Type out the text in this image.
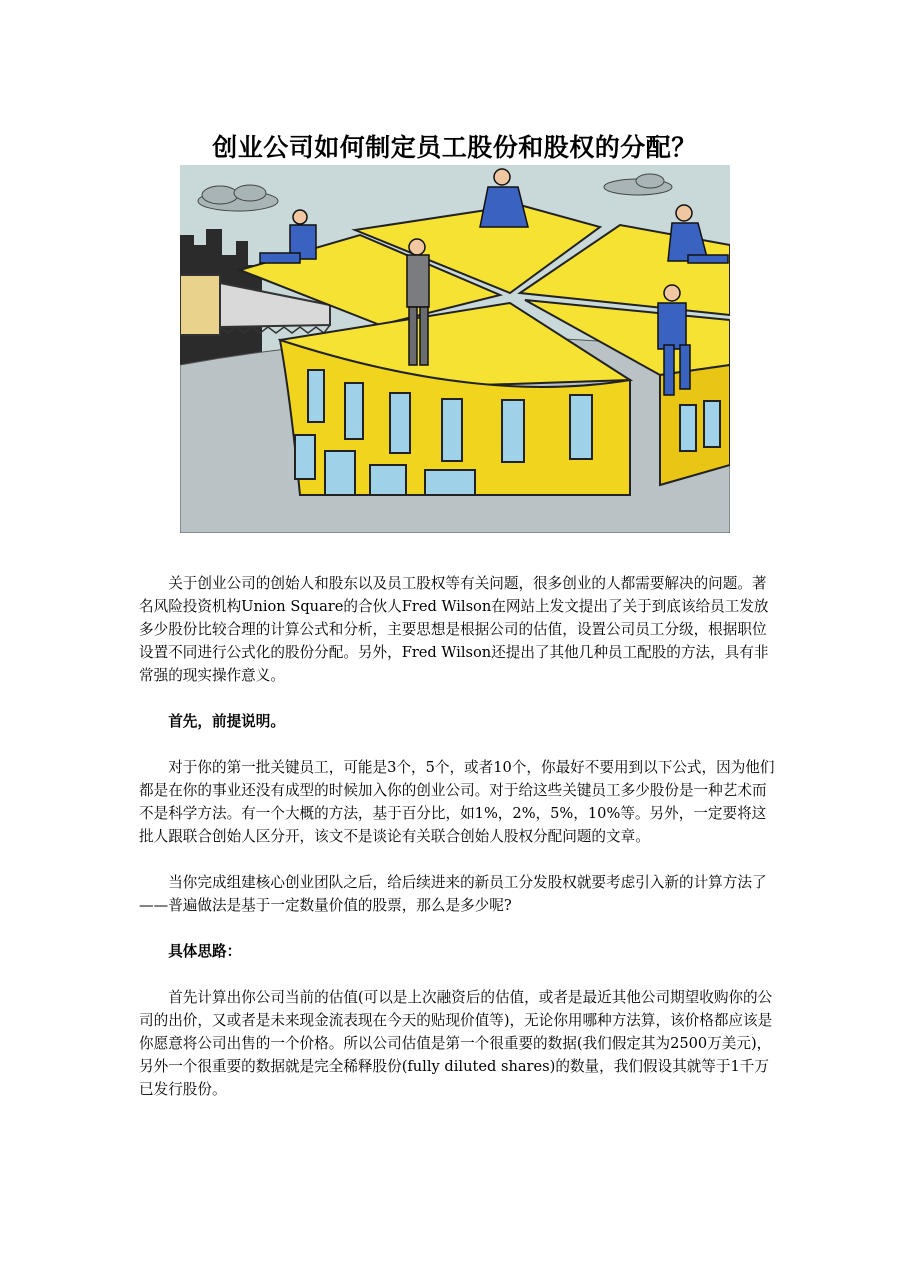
创业公司如何制定员工股份和股权的分配？

关于创业公司的创始人和股东以及员工股权等有关问题，很多创业的人都需要解决的问题。著名风险投资机构Union Square的合伙人Fred Wilson在网站上发文提出了关于到底该给员工发放多少股份比较合理的计算公式和分析，主要思想是根据公司的估值，设置公司员工分级，根据职位设置不同进行公式化的股份分配。另外，Fred Wilson还提出了其他几种员工配股的方法，具有非常强的现实操作意义。

首先，前提说明。

对于你的第一批关键员工，可能是3个，5个，或者10个，你最好不要用到以下公式，因为他们都是在你的事业还没有成型的时候加入你的创业公司。对于给这些关键员工多少股份是一种艺术而不是科学方法。有一个大概的方法，基于百分比，如1%，2%，5%，10%等。另外，一定要将这批人跟联合创始人区分开，该文不是谈论有关联合创始人股权分配问题的文章。

当你完成组建核心创业团队之后，给后续进来的新员工分发股权就要考虑引入新的计算方法了——普遍做法是基于一定数量价值的股票，那么是多少呢?

具体思路：

首先计算出你公司当前的估值(可以是上次融资后的估值，或者是最近其他公司期望收购你的公司的出价，又或者是未来现金流表现在今天的贴现价值等)，无论你用哪种方法算，该价格都应该是你愿意将公司出售的一个价格。所以公司估值是第一个很重要的数据(我们假定其为2500万美元)，另外一个很重要的数据就是完全稀释股份(fully diluted shares)的数量，我们假设其就等于1千万已发行股份。
